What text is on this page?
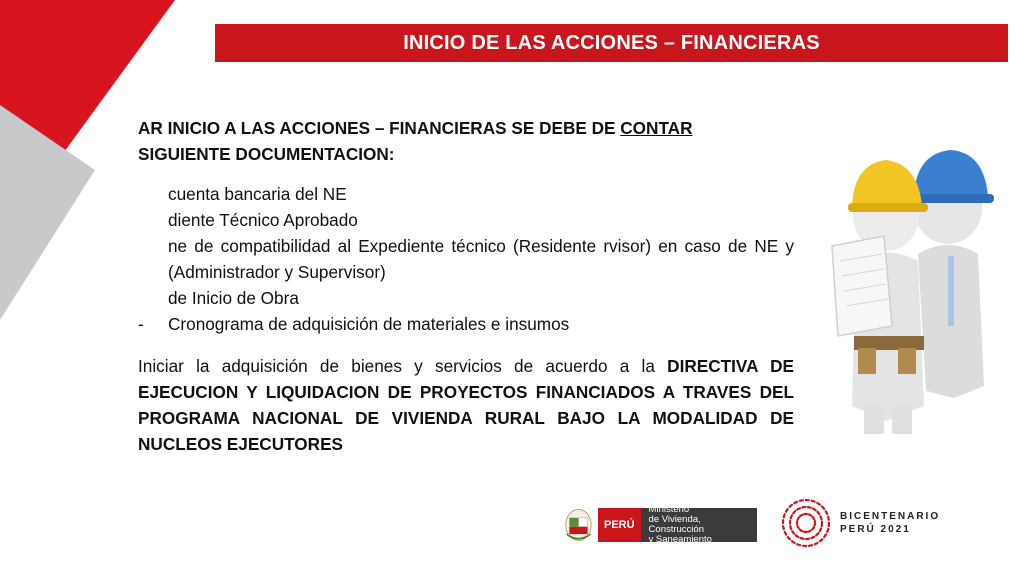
INICIO DE LAS ACCIONES – FINANCIERAS

AR INICIO A LAS ACCIONES – FINANCIERAS SE DEBE DE CONTAR
SIGUIENTE DOCUMENTACION:

cuenta bancaria del NE
diente Técnico Aprobado
ne de compatibilidad al Expediente técnico (Residente rvisor) en caso de NE y (Administrador y Supervisor)
de Inicio de Obra
- Cronograma de adquisición de materiales e insumos

Iniciar la adquisición de bienes y servicios de acuerdo a la DIRECTIVA DE EJECUCION Y LIQUIDACION DE PROYECTOS FINANCIADOS A TRAVES DEL PROGRAMA NACIONAL DE VIVIENDA RURAL BAJO LA MODALIDAD DE NUCLEOS EJECUTORES

PERÚ
Ministerio
de Vivienda, Construcción
y Saneamiento
BICENTENARIO
PERÚ 2021
